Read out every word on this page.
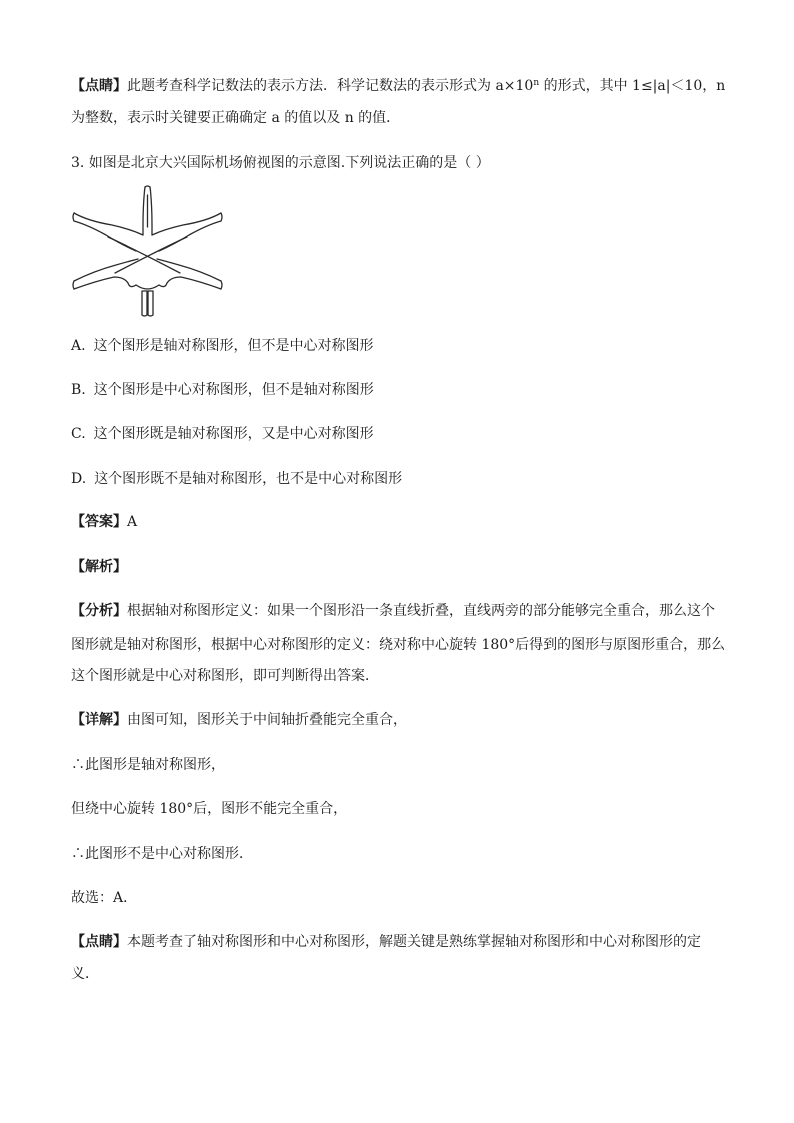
【点睛】此题考查科学记数法的表示方法．科学记数法的表示形式为 $a\times 10^n$ 的形式，其中 1≤|a|＜10，n
为整数，表示时关键要正确确定 a 的值以及 n 的值．
3. 如图是北京大兴国际机场俯视图的示意图.下列说法正确的是（ ）
A. 这个图形是轴对称图形，但不是中心对称图形
B. 这个图形是中心对称图形，但不是轴对称图形
C. 这个图形既是轴对称图形，又是中心对称图形
D. 这个图形既不是轴对称图形，也不是中心对称图形
【答案】A
【解析】
【分析】根据轴对称图形定义：如果一个图形沿一条直线折叠，直线两旁的部分能够完全重合，那么这个
图形就是轴对称图形，根据中心对称图形的定义：绕对称中心旋转 180°后得到的图形与原图形重合，那么
这个图形就是中心对称图形，即可判断得出答案．
【详解】由图可知，图形关于中间轴折叠能完全重合，
∴此图形是轴对称图形，
但绕中心旋转 180°后，图形不能完全重合，
∴此图形不是中心对称图形．
故选：A．
【点睛】本题考查了轴对称图形和中心对称图形，解题关键是熟练掌握轴对称图形和中心对称图形的定
义．
